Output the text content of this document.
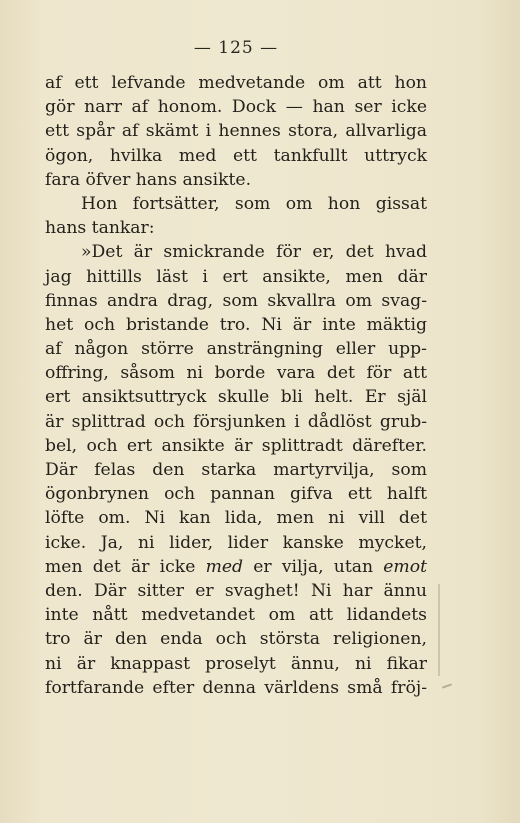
— 125 —
af ett lefvande medvetande om att hon
gör narr af honom. Dock — han ser icke
ett spår af skämt i hennes stora, allvarliga
ögon, hvilka med ett tankfullt uttryck
fara öfver hans ansikte.
Hon fortsätter, som om hon gissat
hans tankar:
»Det är smickrande för er, det hvad
jag hittills läst i ert ansikte, men där
finnas andra drag, som skvallra om svag-
het och bristande tro. Ni är inte mäktig
af någon större ansträngning eller upp-
offring, såsom ni borde vara det för att
ert ansiktsuttryck skulle bli helt. Er själ
är splittrad och försjunken i dådlöst grub-
bel, och ert ansikte är splittradt därefter.
Där felas den starka martyrvilja, som
ögonbrynen och pannan gifva ett halft
löfte om. Ni kan lida, men ni vill det
icke. Ja, ni lider, lider kanske mycket,
men det är icke med er vilja, utan emot
den. Där sitter er svaghet! Ni har ännu
inte nått medvetandet om att lidandets
tro är den enda och största religionen,
ni är knappast proselyt ännu, ni fikar
fortfarande efter denna världens små fröj-
